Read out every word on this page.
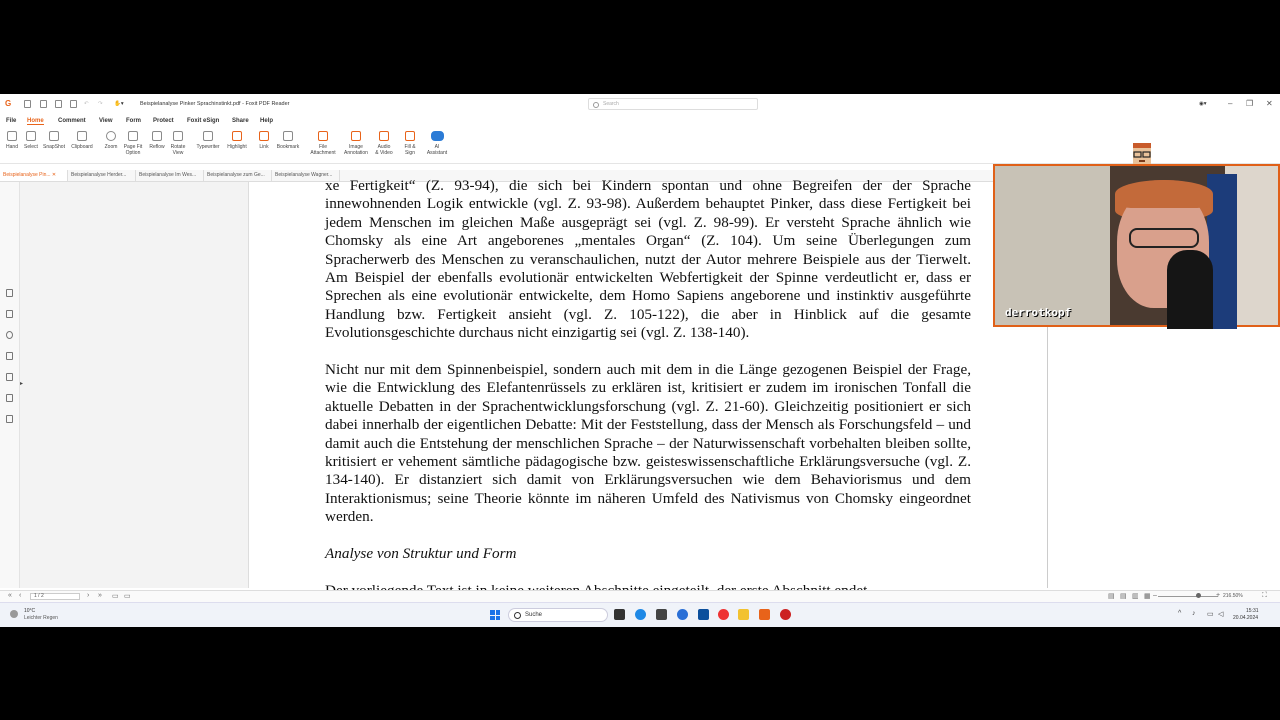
G	↶ ↷ ✋▾	Beispielanalyse Pinker Sprachinstinkt.pdf - Foxit PDF Reader	Search	◉▾	– ❐ ✕
File Home Comment View Form Protect Foxit eSign Share Help
Hand	Select	SnapShot	Clipboard	Zoom	Page Fit
Option
Reflow	Rotate
View
Typewriter	Highlight	Link	Bookmark	File
Attachment
Image
Annotation
Audio
& Video
Fill &
Sign
AI
Assistant
Beispielanalyse Pin... ✕	Beispielanalyse Herder...	Beispielanalyse Im Wes...	Beispielanalyse zum Ge...	Beispielanalyse Wagner...
▸

xe Fertigkeit“ (Z. 93-94), die sich bei Kindern spontan und ohne Begreifen der der Sprache innewohnenden Logik entwickle (vgl. Z. 93-98). Außerdem behauptet Pinker, dass diese Fertigkeit bei jedem Menschen im gleichen Maße ausgeprägt sei (vgl. Z. 98-99). Er versteht Sprache ähnlich wie Chomsky als eine Art angeborenes „mentales Organ“ (Z. 104). Um seine Überlegungen zum Spracherwerb des Menschen zu veranschaulichen, nutzt der Autor mehrere Beispiele aus der Tierwelt. Am Beispiel der ebenfalls evolutionär entwickelten Webfertigkeit der Spinne verdeutlicht er, dass er Sprechen als eine evolutionär entwickelte, dem Homo Sapiens angeborene und instinktiv ausgeführte Handlung bzw. Fertigkeit ansieht (vgl. Z. 105-122), die aber in Hinblick auf die gesamte Evolutionsgeschichte durchaus nicht einzigartig sei (vgl. Z. 138-140).

Nicht nur mit dem Spinnenbeispiel, sondern auch mit dem in die Länge gezogenen Beispiel der Frage, wie die Entwicklung des Elefantenrüssels zu erklären ist, kritisiert er zudem im ironischen Tonfall die aktuelle Debatten in der Sprachentwicklungsforschung (vgl. Z. 21-60). Gleichzeitig positioniert er sich dabei innerhalb der eigentlichen Debatte: Mit der Feststellung, dass der Mensch als Forschungsfeld – und damit auch die Entstehung der menschlichen Sprache – der Naturwissenschaft vorbehalten bleiben sollte, kritisiert er vehement sämtliche pädagogische bzw. geisteswissenschaftliche Erklärungsversuche (vgl. Z. 134-140). Er distanziert sich damit von Erklärungsversuchen wie dem Behaviorismus und dem Interaktionismus; seine Theorie könnte im näheren Umfeld des Nativismus von Chomsky eingeordnet werden.

Analyse von Struktur und Form

« ‹	1 / 2	› » ▭ ▭	▤ ▤ ▥ ▦ –	+ 216.50%	⛶
10°C
Leichter Regen	Suche	^ ♪ ▭ ◁	15:31
20.04.2024
derrotkopf
